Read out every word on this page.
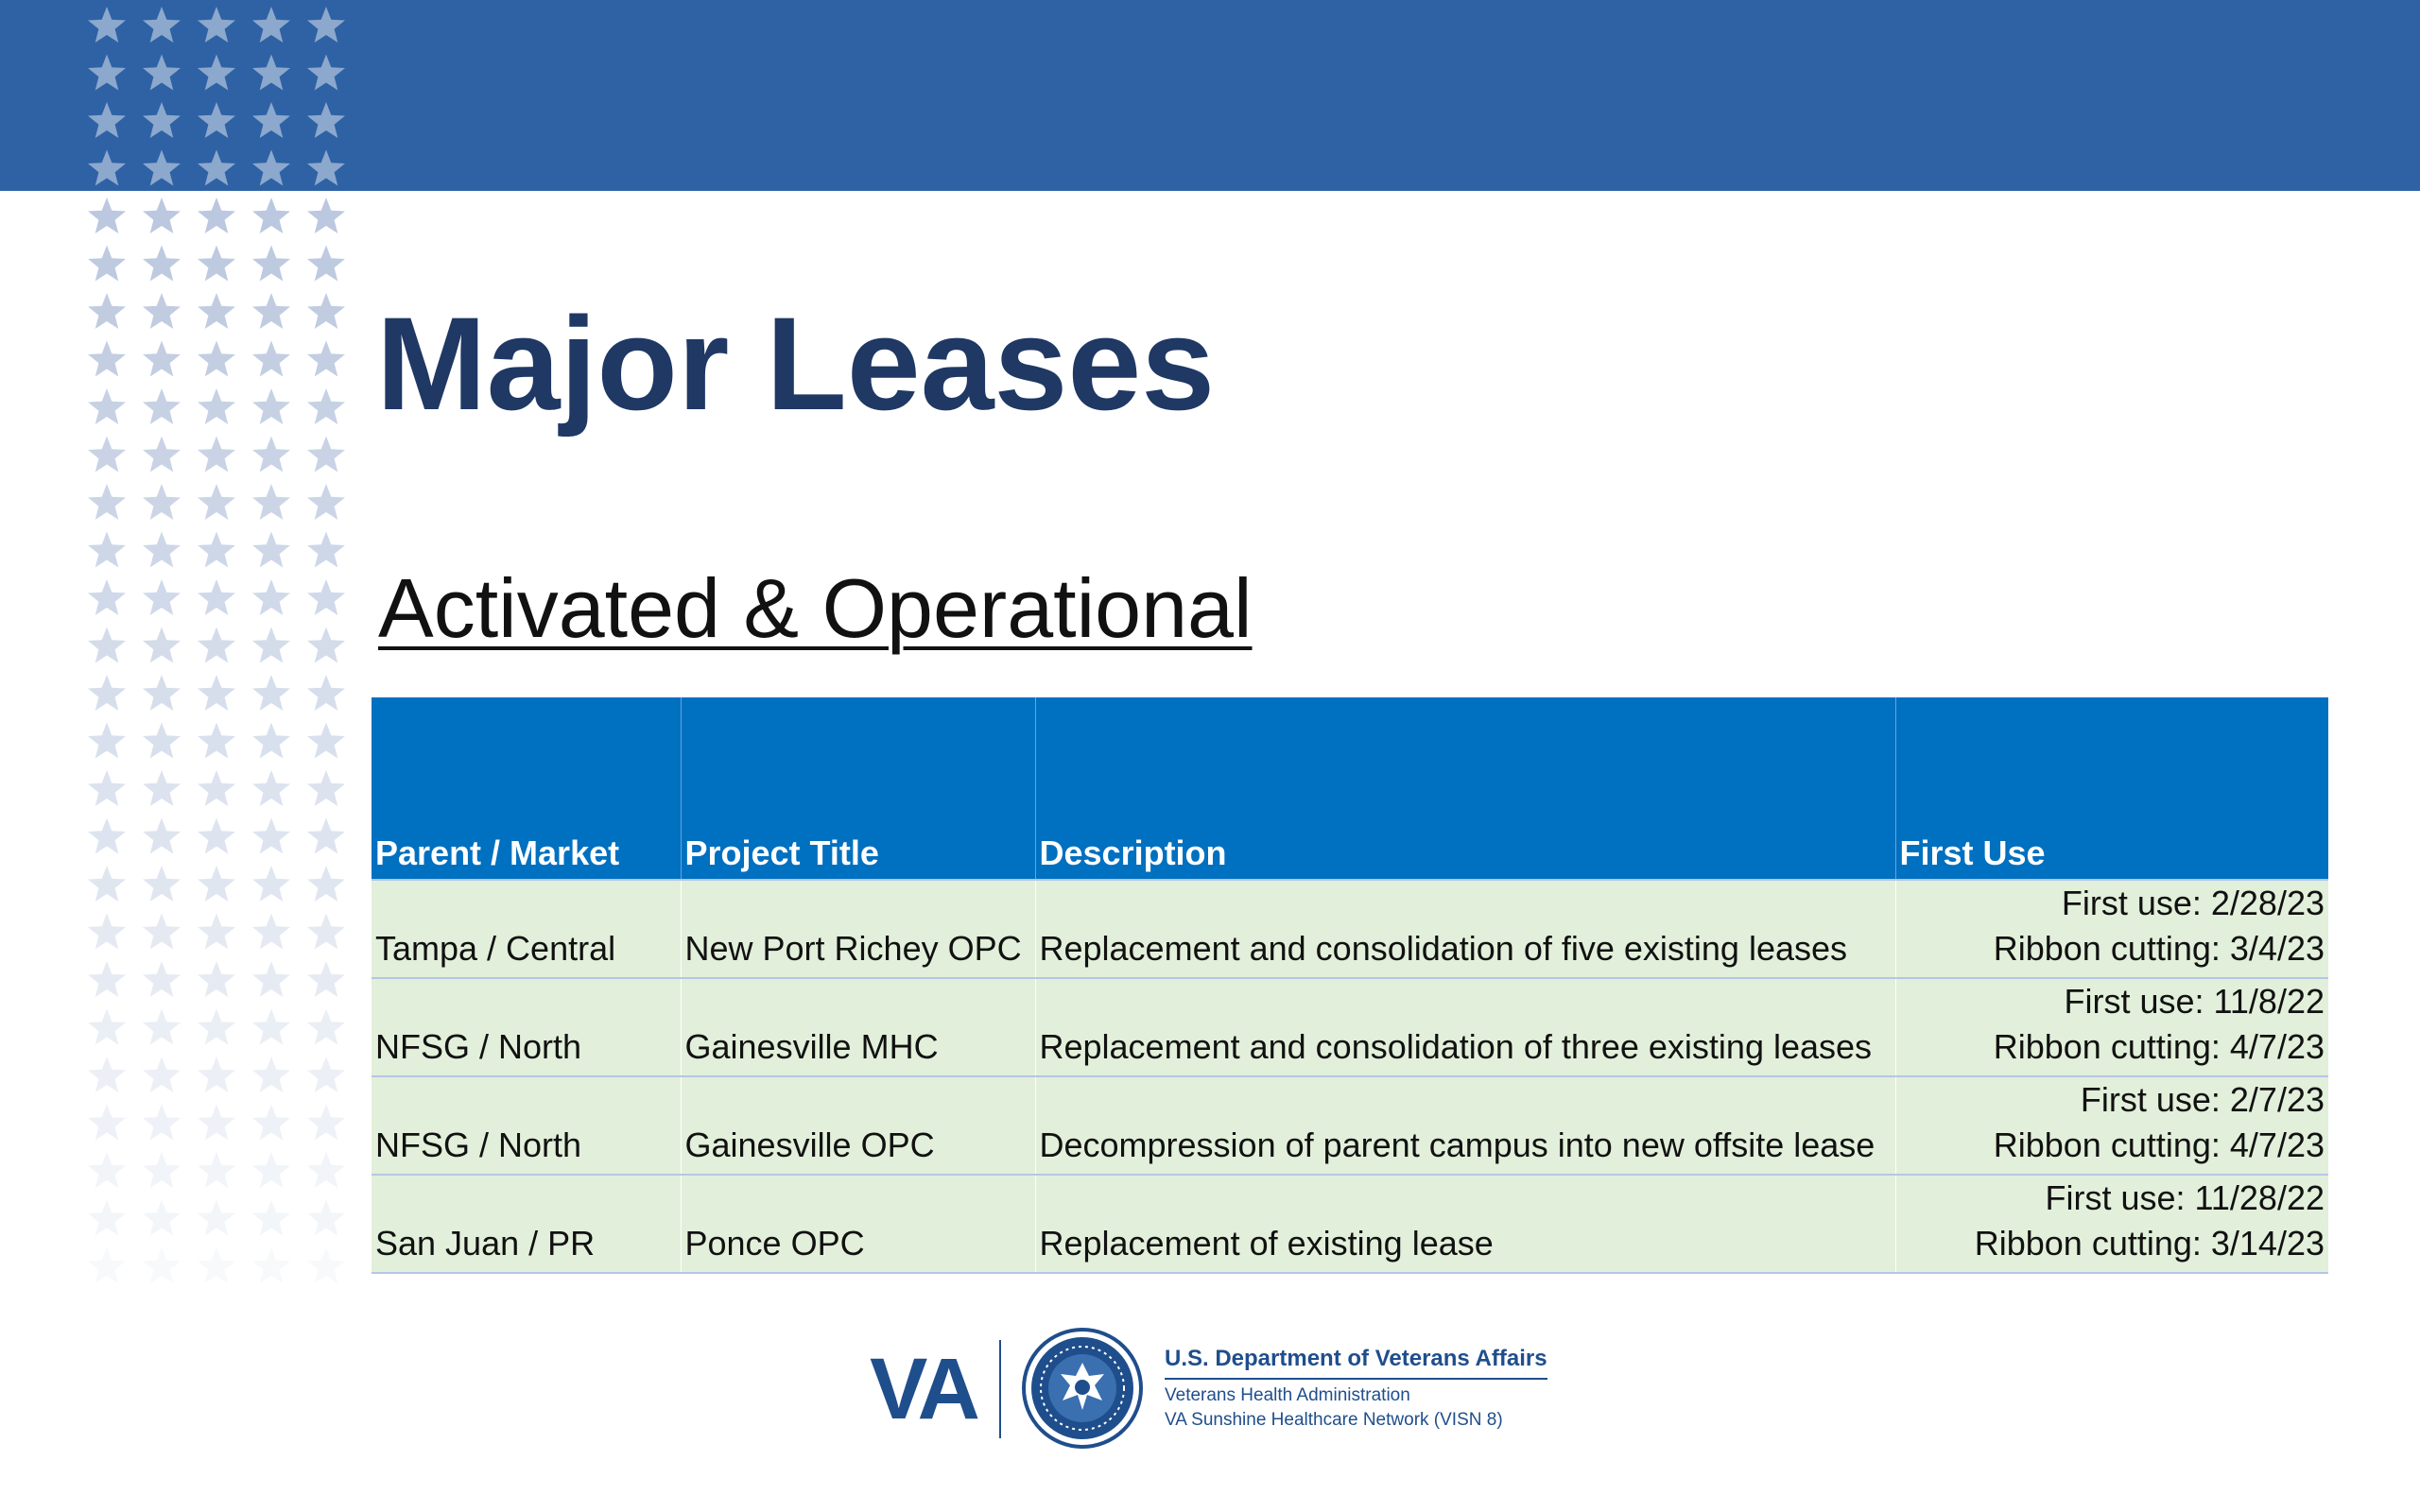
Major Leases
Activated & Operational
Parent / Market	Project Title	Description	First Use
Tampa / Central	New Port Richey OPC	Replacement and consolidation of five existing leases	First use: 2/28/23
Ribbon cutting: 3/4/23

NFSG / North	Gainesville MHC	Replacement and consolidation of three existing leases	First use: 11/8/22
Ribbon cutting: 4/7/23

NFSG / North	Gainesville OPC	Decompression of parent campus into new offsite lease	First use: 2/7/23
Ribbon cutting: 4/7/23

San Juan / PR	Ponce OPC	Replacement of existing lease	First use: 11/28/22
Ribbon cutting: 3/14/23
VA	U.S. Department of Veterans Affairs
Veterans Health Administration
VA Sunshine Healthcare Network (VISN 8)
